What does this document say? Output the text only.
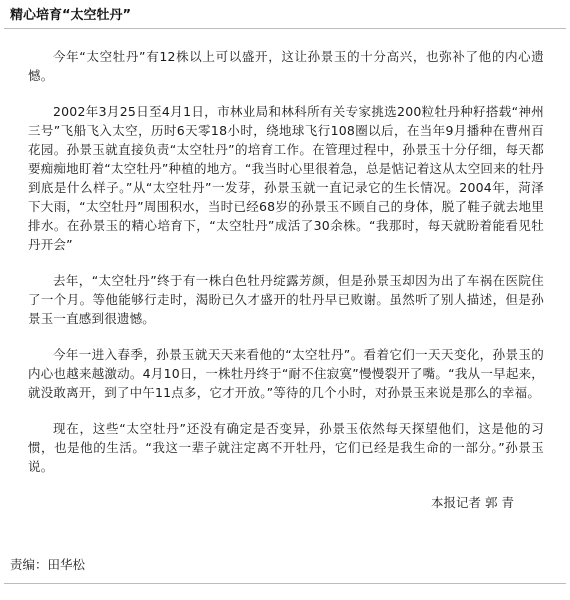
精心培育“太空牡丹”

今年“太空牡丹”有12株以上可以盛开，这让孙景玉的十分高兴，也弥补了他的内心遗憾。

2002年3月25日至4月1日，市林业局和林科所有关专家挑选200粒牡丹种籽搭载“神州三号”飞船飞入太空，历时6天零18小时，绕地球飞行108圈以后，在当年9月播种在曹州百花园。孙景玉就直接负责“太空牡丹”的培育工作。在管理过程中，孙景玉十分仔细，每天都要痴痴地盯着“太空牡丹”种植的地方。“我当时心里很着急，总是惦记着这从太空回来的牡丹到底是什么样子。”从“太空牡丹”一发芽，孙景玉就一直记录它的生长情况。2004年，菏泽下大雨，“太空牡丹”周围积水，当时已经68岁的孙景玉不顾自己的身体，脱了鞋子就去地里排水。在孙景玉的精心培育下，“太空牡丹”成活了30余株。“我那时，每天就盼着能看见牡丹开会”

去年，“太空牡丹”终于有一株白色牡丹绽露芳颜，但是孙景玉却因为出了车祸在医院住了一个月。等他能够行走时，渴盼已久才盛开的牡丹早已败谢。虽然听了别人描述，但是孙景玉一直感到很遗憾。

今年一进入春季，孙景玉就天天来看他的“太空牡丹”。看着它们一天天变化，孙景玉的内心也越来越激动。4月10日，一株牡丹终于“耐不住寂寞”慢慢裂开了嘴。“我从一早起来，就没敢离开，到了中午11点多，它才开放。”等待的几个小时，对孙景玉来说是那么的幸福。

现在，这些“太空牡丹”还没有确定是否变异，孙景玉依然每天探望他们，这是他的习惯，也是他的生活。“我这一辈子就注定离不开牡丹，它们已经是我生命的一部分。”孙景玉说。

本报记者 郭 青
责编：田华松
